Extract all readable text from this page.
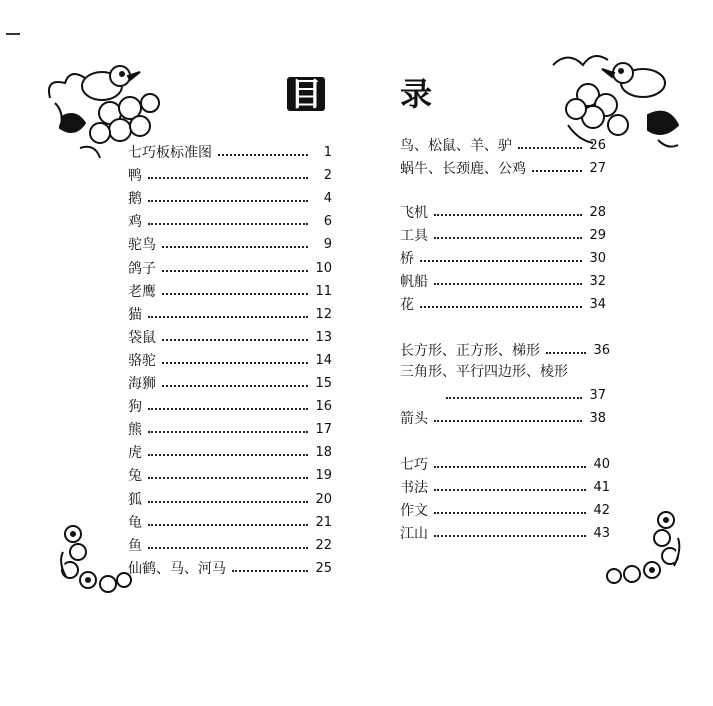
目 录
七巧板标准图	1
鸭	2
鹅	4
鸡	6
驼鸟	9
鸽子	10
老鹰	11
猫	12
袋鼠	13
骆驼	14
海狮	15
狗	16
熊	17
虎	18
兔	19
狐	20
龟	21
鱼	22
仙鹤、马、河马	25
鸟、松鼠、羊、驴	26
蜗牛、长颈鹿、公鸡	27
飞机	28
工具	29
桥	30
帆船	32
花	34
长方形、正方形、梯形	36
三角形、平行四边形、棱形
37
箭头	38
七巧	40
书法	41
作文	42
江山	43
